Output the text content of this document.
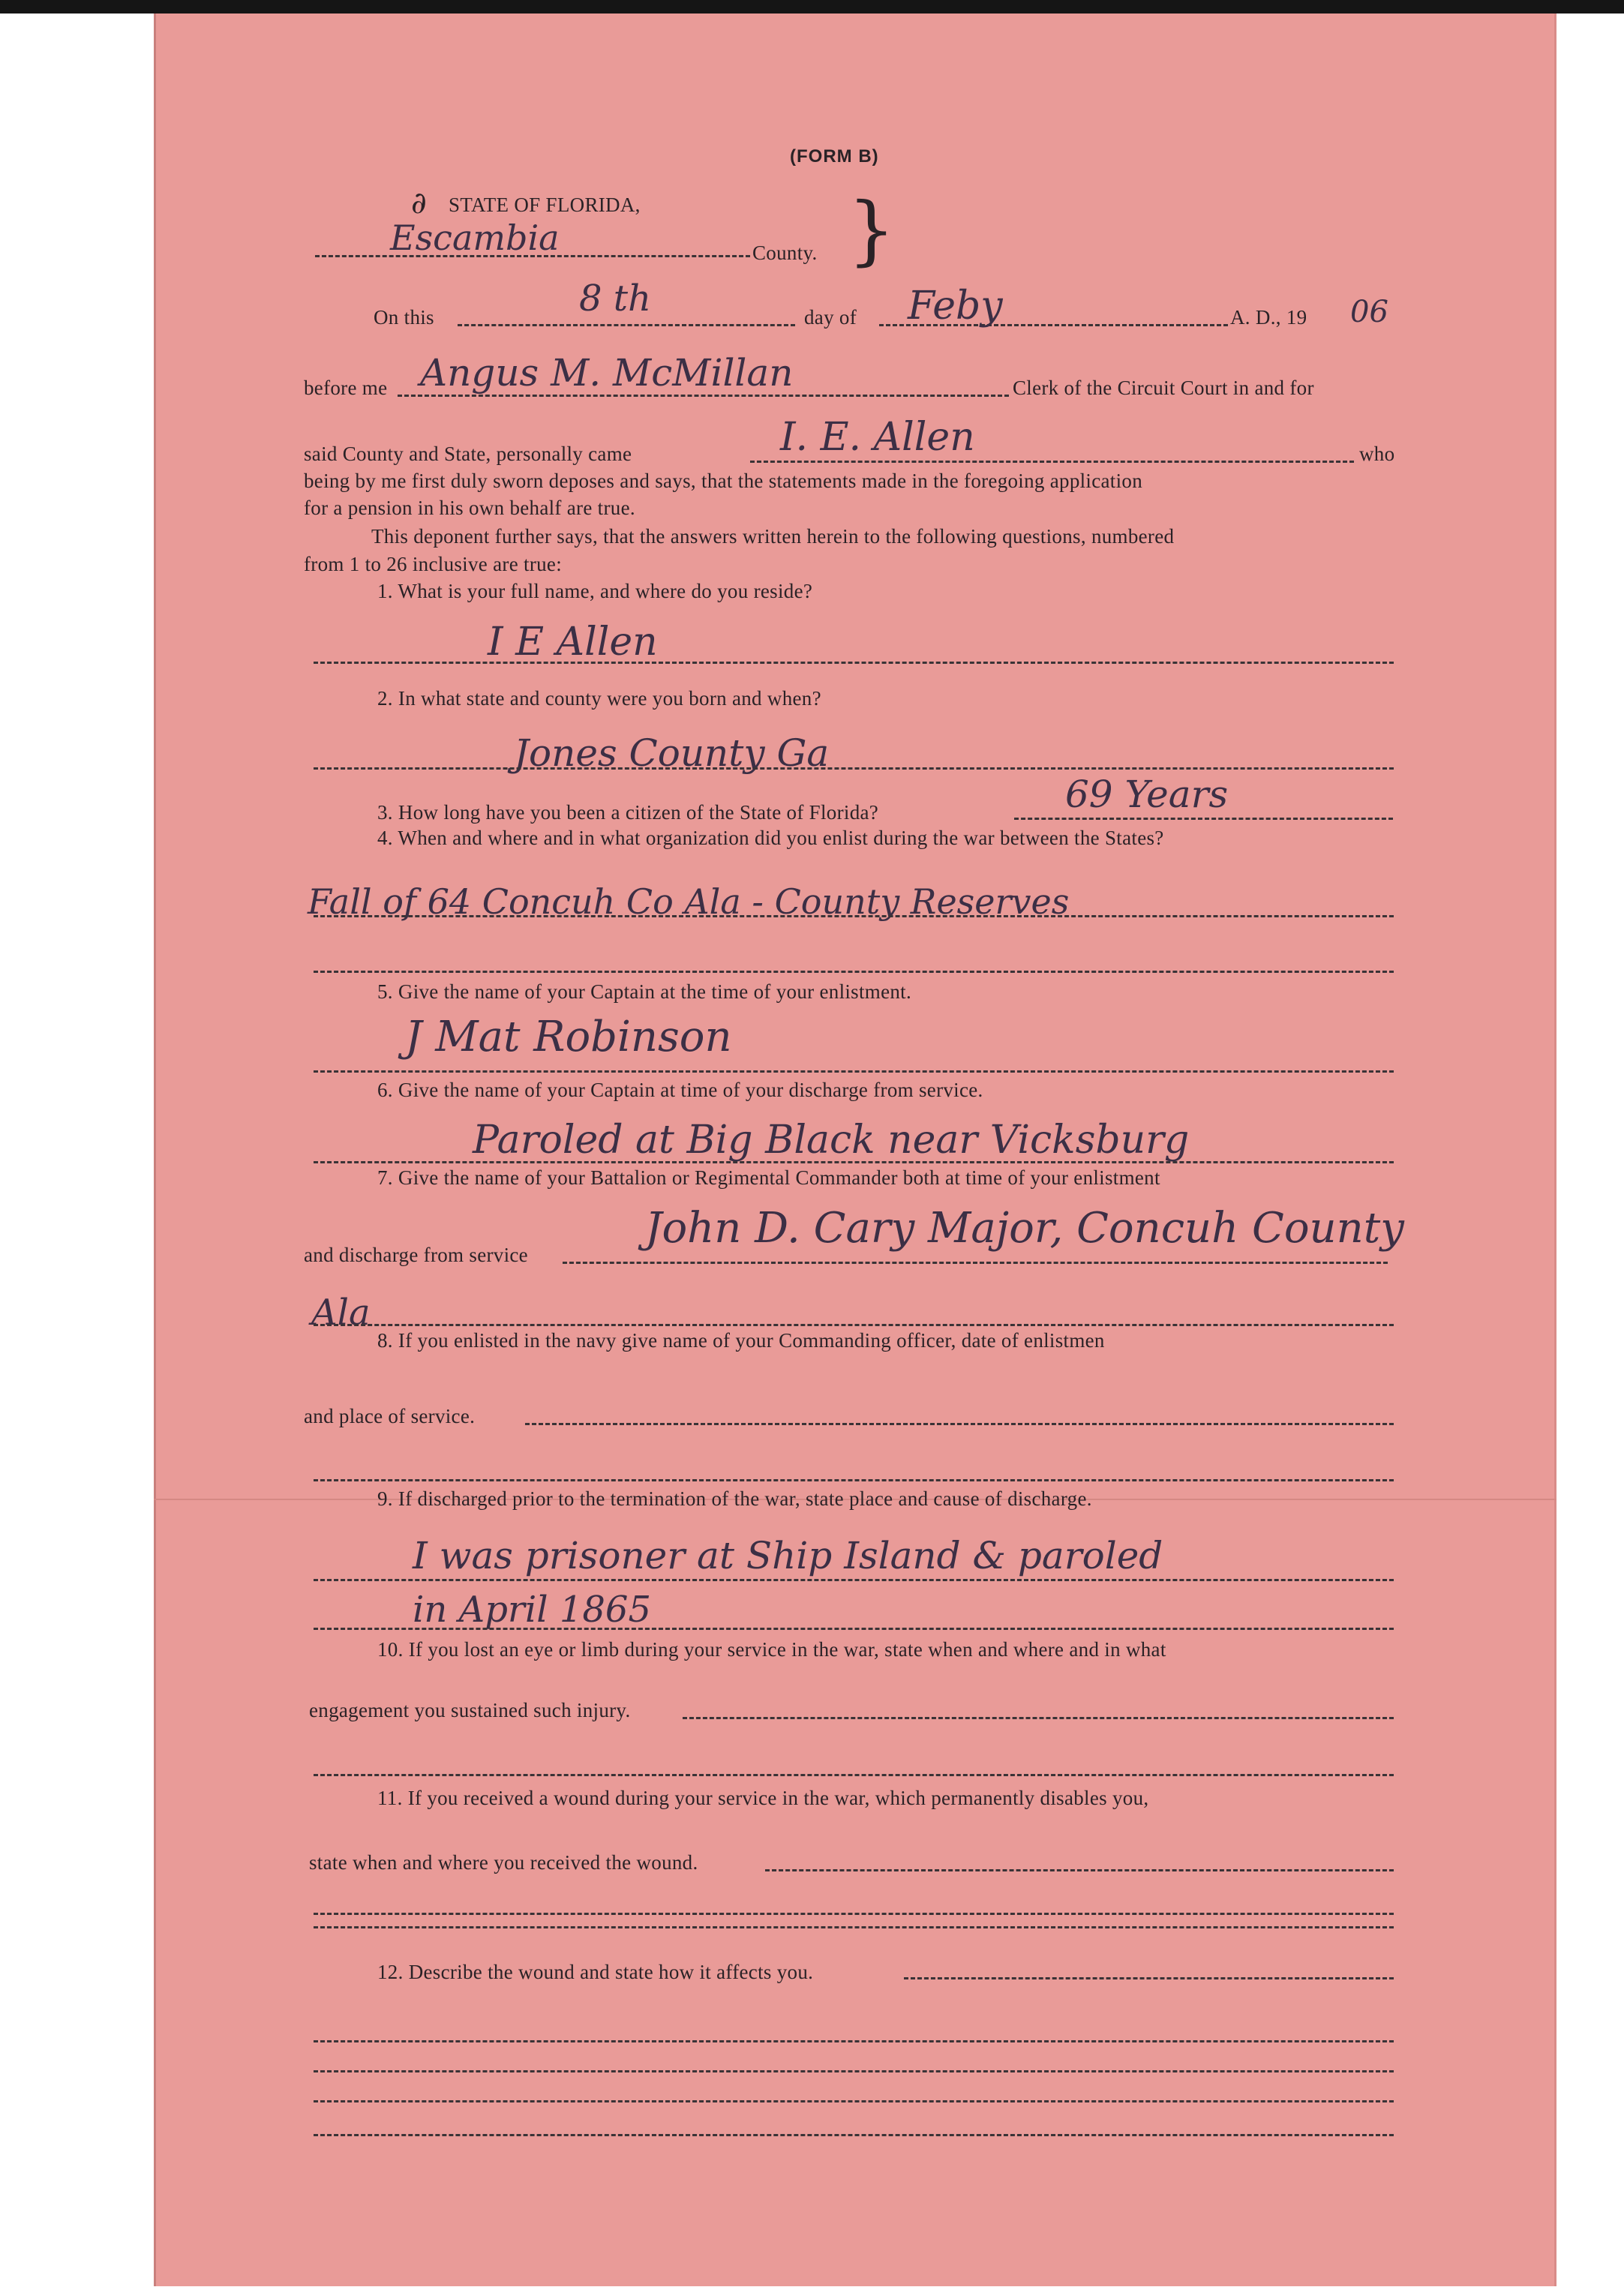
(FORM B)
∂ STATE OF FLORIDA,
Escambia	County. }
On this	8 th	day of Feby	A. D., 19 06
before me Angus M. McMillan	Clerk of the Circuit Court in and for
said County and State, personally came	I. E. Allen	who
being by me first duly sworn deposes and says, that the statements made in the foregoing application
for a pension in his own behalf are true.
This deponent further says, that the answers written herein to the following questions, numbered
from 1 to 26 inclusive are true:
1. What is your full name, and where do you reside?
I E Allen
2. In what state and county were you born and when?
Jones County Ga
3. How long have you been a citizen of the State of Florida?	69 Years
4. When and where and in what organization did you enlist during the war between the States?
Fall of 64 Concuh Co Ala - County Reserves
5. Give the name of your Captain at the time of your enlistment.
J Mat Robinson
6. Give the name of your Captain at time of your discharge from service.
Paroled at Big Black near Vicksburg
7. Give the name of your Battalion or Regimental Commander both at time of your enlistment
and discharge from service
John D. Cary Major, Concuh County
Ala
8. If you enlisted in the navy give name of your Commanding officer, date of enlistmen
and place of service.
9. If discharged prior to the termination of the war, state place and cause of discharge.
I was prisoner at Ship Island & paroled
in April 1865
10. If you lost an eye or limb during your service in the war, state when and where and in what
engagement you sustained such injury.
11. If you received a wound during your service in the war, which permanently disables you,
state when and where you received the wound.
12. Describe the wound and state how it affects you.
